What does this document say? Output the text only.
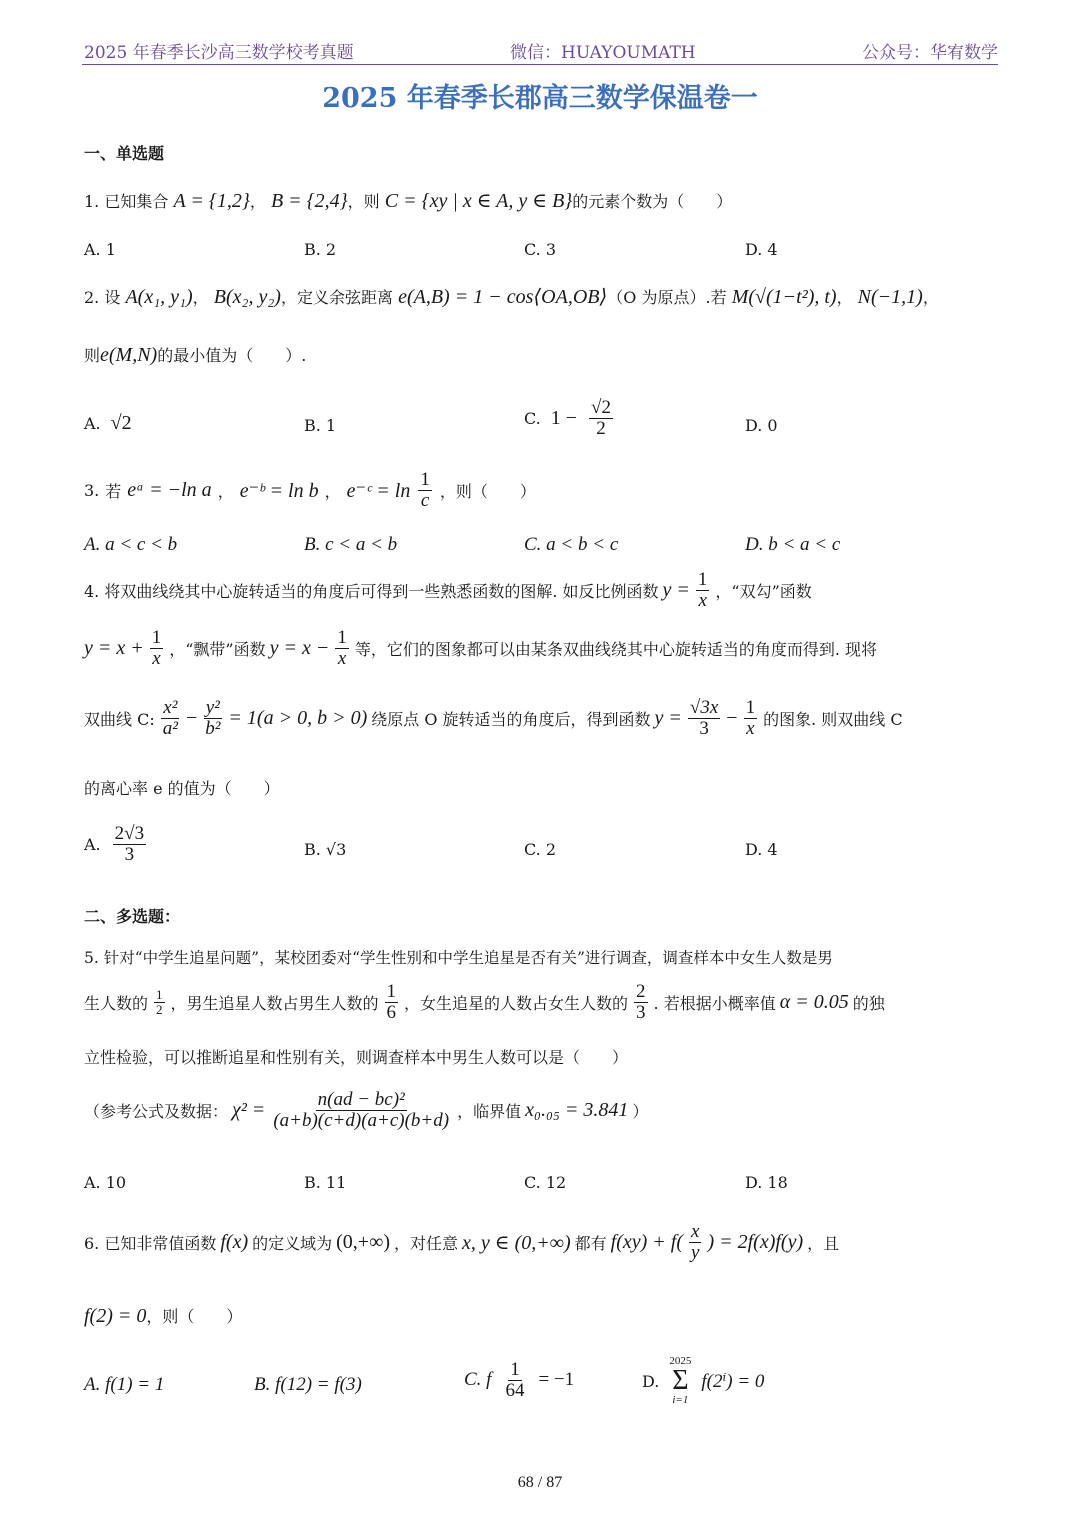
2025 年春季长沙高三数学校考真题	微信：HUAYOUMATH	公众号：华宥数学
2025 年春季长郡高三数学保温卷一
一、单选题
1. 已知集合 A = {1,2}， B = {2,4}，则 C = {xy | x ∈ A, y ∈ B}的元素个数为（　　）
A. 1	B. 2	C. 3	D. 4
2. 设 A(x₁, y₁)， B(x₂, y₂)，定义余弦距离 e(A,B) = 1 − cos⟨OA,OB⟩（O 为原点）.若 M(√(1−t²), t)， N(−1,1)，
则e(M,N)的最小值为（　　）.
A. √2	B. 1	C. $1 - \frac{√2}{2}$	D. 0
3. 若 eᵃ = −ln a ， e⁻ᵇ = ln b ， e⁻ᶜ = $\ln \frac{1}{c}$ ，则（　　）
A. a < c < b	B. c < a < b	C. a < b < c	D. b < a < c
4. 将双曲线绕其中心旋转适当的角度后可得到一些熟悉函数的图解. 如反比例函数 $y = \frac{1}{x}$ ，“双勾”函数
$y = x + \frac{1}{x}$ ，“飘带”函数 $y = x - \frac{1}{x}$ 等，它们的图象都可以由某条双曲线绕其中心旋转适当的角度而得到. 现将
双曲线 C: $\frac{\text{x²}}{\text{a²}} - \frac{\text{y²}}{\text{b²}} = 1(a > 0$, b > 0) 绕原点 O 旋转适当的角度后，得到函数 $y = \frac{√3x}{3} - \frac{1}{x}$ 的图象. 则双曲线 C
的离心率 e 的值为（　　）
A. $\frac{2√3}{3}$	B. √3	C. 2	D. 4
二、多选题：
5. 针对“中学生追星问题”，某校团委对“学生性别和中学生追星是否有关”进行调查，调查样本中女生人数是男
生人数的 $\frac{1}{2}$ ，男生追星人数占男生人数的 $\frac{1}{6}$ ，女生追星的人数占女生人数的 $\frac{2}{3}$ . 若根据小概率值 α = 0.05 的独
立性检验，可以推断追星和性别有关，则调查样本中男生人数可以是（　　）
（参考公式及数据： $\chi^2 = \frac{\text{n(ad − bc)²}}{(a+b)(c+d)(a+c)(b+d)}$ ，临界值 x₀.₀₅ = 3.841 ）
A. 10	B. 11	C. 12	D. 18
6. 已知非常值函数 f(x) 的定义域为 (0,+∞) ，对任意 x, y ∈ (0,+∞) 都有 $f(xy) + f( \frac{x}{y}$ ) = 2f(x)f(y) ，且
f(2) = 0，则（　　）
A. f(1) = 1	B. f(12) = f(3)	C. f $\frac{1}{64} = -1$	D.
2025
Σ
i=1
f(2ⁱ) = 0
68 / 87
